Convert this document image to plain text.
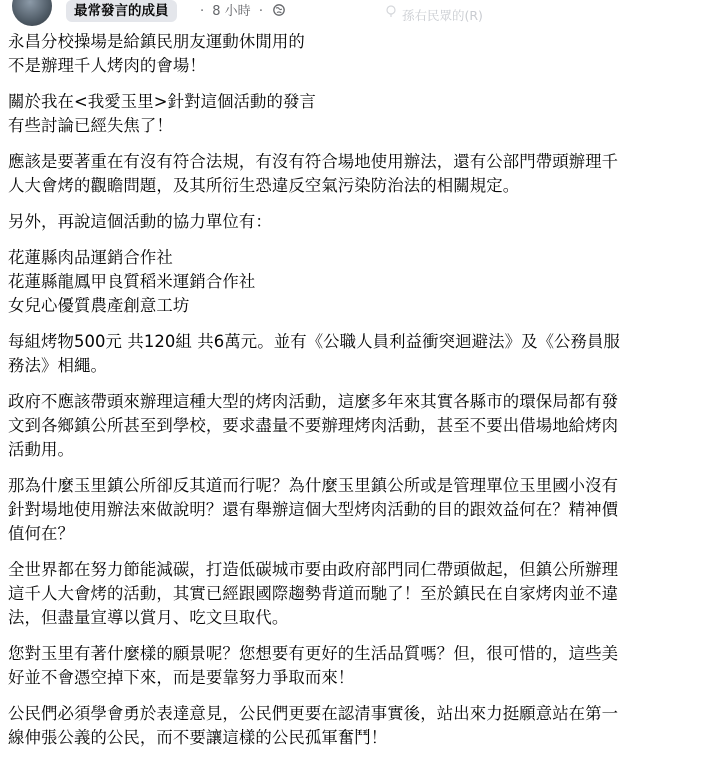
最常發言的成員	· 8 小時 ·	孫右民眾的(R)

永昌分校操場是給鎮民朋友運動休閒用的
不是辦理千人烤肉的會場！

關於我在<我愛玉里>針對這個活動的發言
有些討論已經失焦了！

應該是要著重在有沒有符合法規，有沒有符合場地使用辦法，還有公部門帶頭辦理千
人大會烤的觀瞻問題，及其所衍生恐違反空氣污染防治法的相關規定。

另外，再說這個活動的協力單位有：

花蓮縣肉品運銷合作社
花蓮縣龍鳳甲良質稻米運銷合作社
女兒心優質農產創意工坊

每組烤物500元 共120組 共6萬元。並有《公職人員利益衝突迴避法》及《公務員服
務法》相繩。

政府不應該帶頭來辦理這種大型的烤肉活動，這麼多年來其實各縣市的環保局都有發
文到各鄉鎮公所甚至到學校，要求盡量不要辦理烤肉活動，甚至不要出借場地給烤肉
活動用。

那為什麼玉里鎮公所卻反其道而行呢？為什麼玉里鎮公所或是管理單位玉里國小沒有
針對場地使用辦法來做說明？還有舉辦這個大型烤肉活動的目的跟效益何在？精神價
值何在？

全世界都在努力節能減碳，打造低碳城市要由政府部門同仁帶頭做起，但鎮公所辦理
這千人大會烤的活動，其實已經跟國際趨勢背道而馳了！至於鎮民在自家烤肉並不違
法，但盡量宣導以賞月、吃文旦取代。

您對玉里有著什麼樣的願景呢？您想要有更好的生活品質嗎？但，很可惜的，這些美
好並不會憑空掉下來，而是要靠努力爭取而來！

公民們必須學會勇於表達意見，公民們更要在認清事實後，站出來力挺願意站在第一
線伸張公義的公民，而不要讓這樣的公民孤軍奮鬥！
